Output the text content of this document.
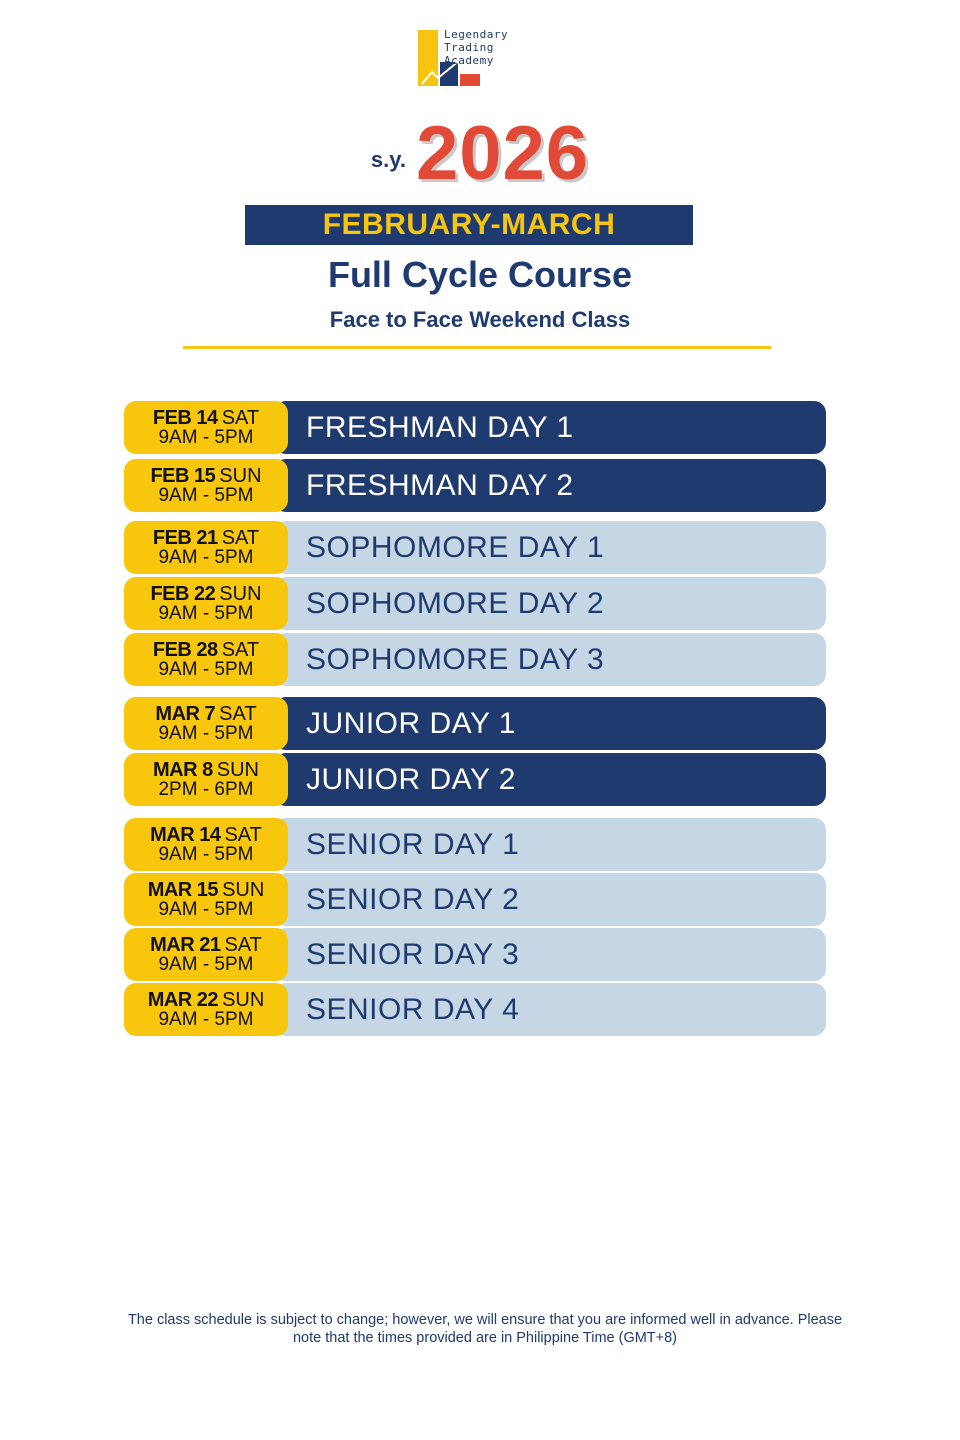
Legendary
Trading
Academy
s.y. 2026
FEBRUARY-MARCH
Full Cycle Course
Face to Face Weekend Class
FEB 14 SAT
9AM - 5PM FRESHMAN DAY 1
FEB 15 SUN
9AM - 5PM FRESHMAN DAY 2
FEB 21 SAT
9AM - 5PM SOPHOMORE DAY 1
FEB 22 SUN
9AM - 5PM SOPHOMORE DAY 2
FEB 28 SAT
9AM - 5PM SOPHOMORE DAY 3
MAR 7 SAT
9AM - 5PM JUNIOR DAY 1
MAR 8 SUN
2PM - 6PM JUNIOR DAY 2
MAR 14 SAT
9AM - 5PM SENIOR DAY 1
MAR 15 SUN
9AM - 5PM SENIOR DAY 2
MAR 21 SAT
9AM - 5PM SENIOR DAY 3
MAR 22 SUN
9AM - 5PM SENIOR DAY 4
The class schedule is subject to change; however, we will ensure that you are informed well in advance. Please note that the times provided are in Philippine Time (GMT+8)
